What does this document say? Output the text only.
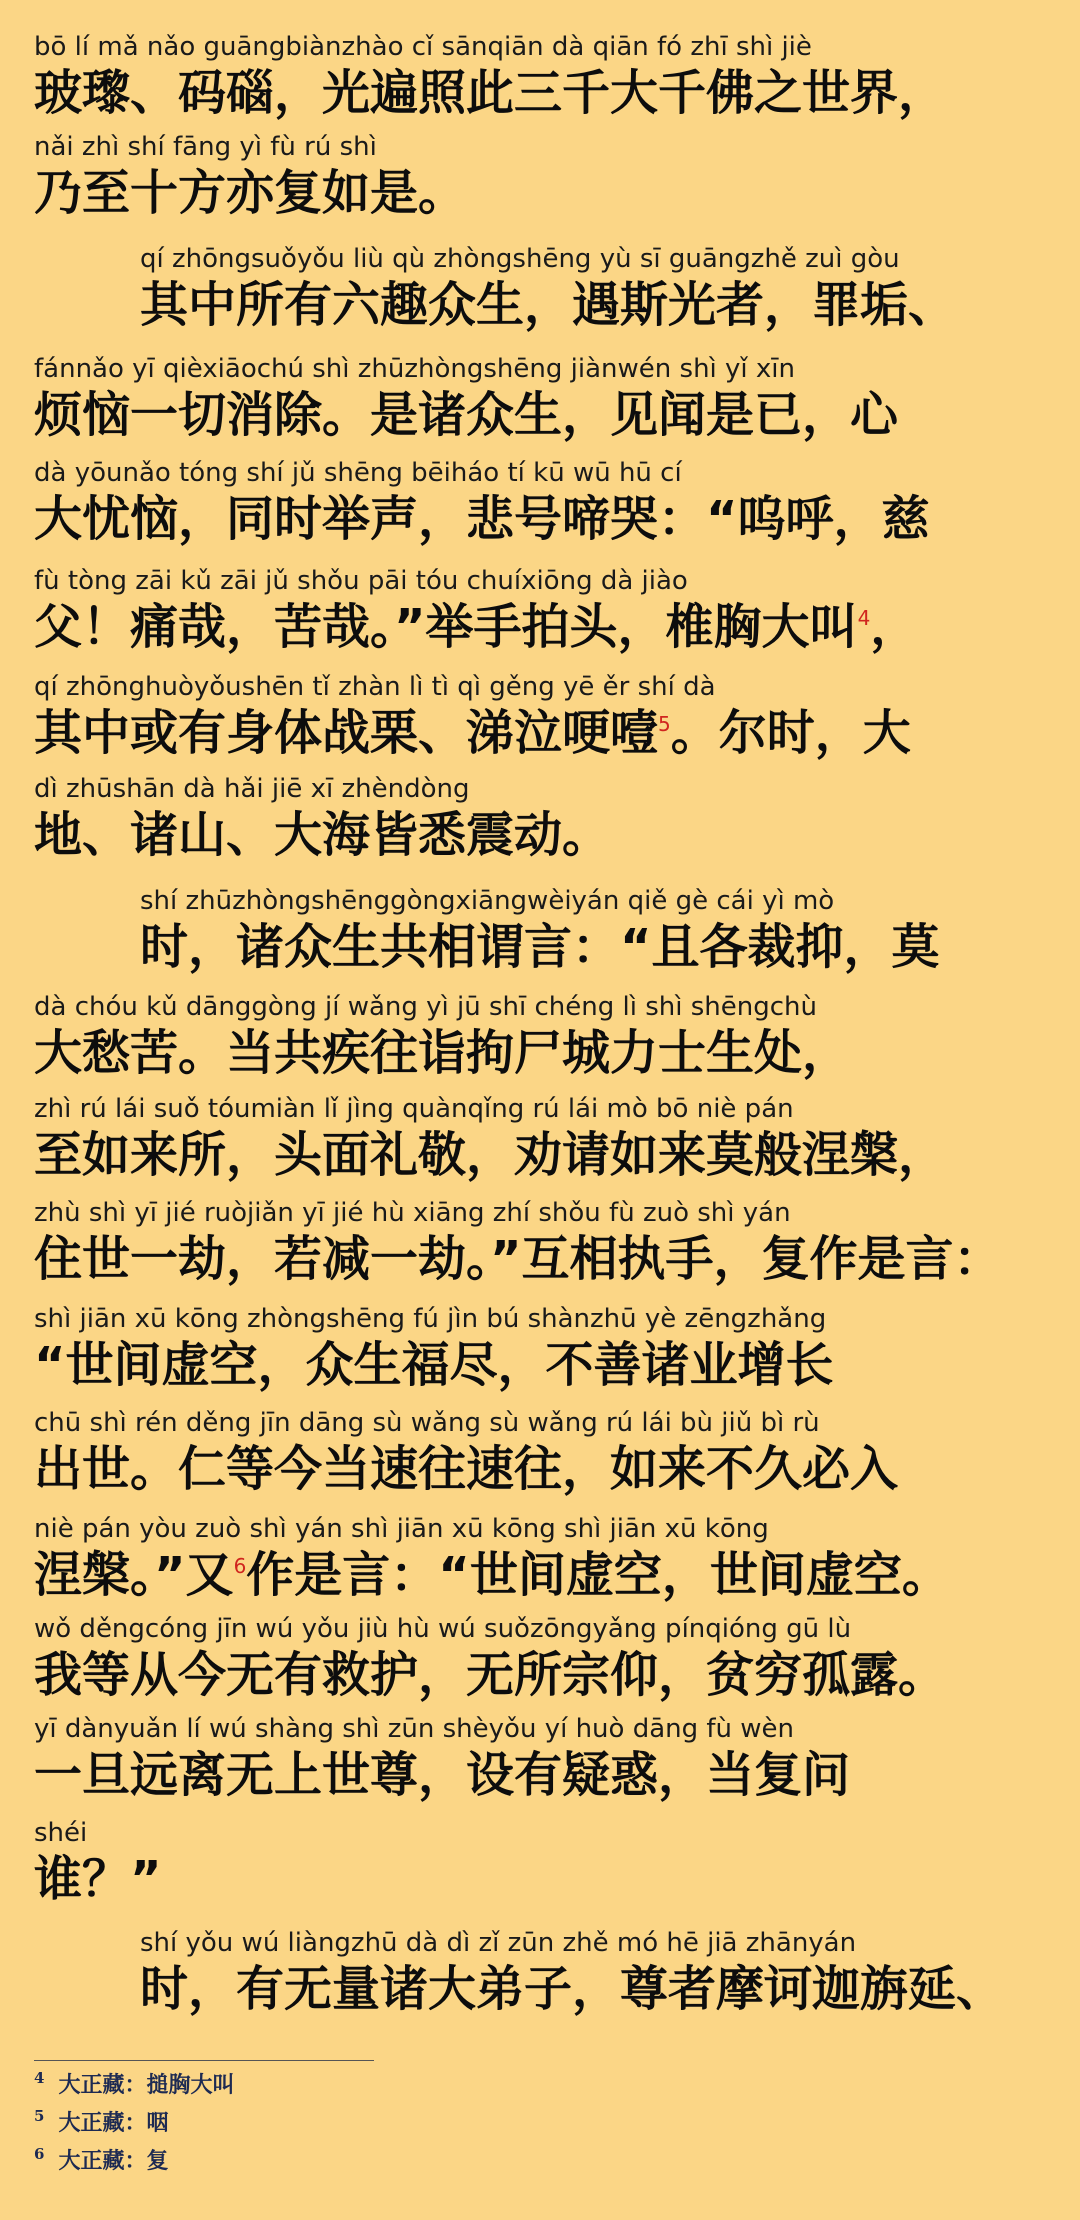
bō lí mǎ nǎo guāngbiànzhào cǐ sānqiān dà qiān fó zhī shì jiè
玻瓈、码碯，光遍照此三千大千佛之世界，
nǎi zhì shí fāng yì fù rú shì
乃至十方亦复如是。
qí zhōngsuǒyǒu liù qù zhòngshēng yù sī guāngzhě zuì gòu
其中所有六趣众生，遇斯光者，罪垢、
fánnǎo yī qièxiāochú shì zhūzhòngshēng jiànwén shì yǐ xīn
烦恼一切消除。是诸众生，见闻是已，心
dà yōunǎo tóng shí jǔ shēng bēiháo tí kū wū hū cí
大忧恼，同时举声，悲号啼哭：“呜呼，慈
fù tòng zāi kǔ zāi jǔ shǒu pāi tóu chuíxiōng dà jiào
父！痛哉，苦哉。”举手拍头，椎胸大叫$^4$，
qí zhōnghuòyǒushēn tǐ zhàn lì tì qì gěng yē ěr shí dà
其中或有身体战栗、涕泣哽噎$^5$。尔时，大
dì zhūshān dà hǎi jiē xī zhèndòng
地、诸山、大海皆悉震动。
shí zhūzhòngshēnggòngxiāngwèiyán qiě gè cái yì mò
时，诸众生共相谓言：“且各裁抑，莫
dà chóu kǔ dānggòng jí wǎng yì jū shī chéng lì shì shēngchù
大愁苦。当共疾往诣拘尸城力士生处，
zhì rú lái suǒ tóumiàn lǐ jìng quànqǐng rú lái mò bō niè pán
至如来所，头面礼敬，劝请如来莫般涅槃，
zhù shì yī jié ruòjiǎn yī jié hù xiāng zhí shǒu fù zuò shì yán
住世一劫，若减一劫。”互相执手，复作是言：
shì jiān xū kōng zhòngshēng fú jìn bú shànzhū yè zēngzhǎng
“世间虚空，众生福尽，不善诸业增长
chū shì rén děng jīn dāng sù wǎng sù wǎng rú lái bù jiǔ bì rù
出世。仁等今当速往速往，如来不久必入
niè pán yòu zuò shì yán shì jiān xū kōng shì jiān xū kōng
涅槃。”又$^6$作是言：“世间虚空，世间虚空。
wǒ děngcóng jīn wú yǒu jiù hù wú suǒzōngyǎng pínqióng gū lù
我等从今无有救护，无所宗仰，贫穷孤露。
yī dànyuǎn lí wú shàng shì zūn shèyǒu yí huò dāng fù wèn
一旦远离无上世尊，设有疑惑，当复问
shéi
谁？”
shí yǒu wú liàngzhū dà dì zǐ zūn zhě mó hē jiā zhānyán
时，有无量诸大弟子，尊者摩诃迦旃延、
$^4$ 大正藏：搥胸大叫
$^5$ 大正藏：咽
$^6$ 大正藏：复
